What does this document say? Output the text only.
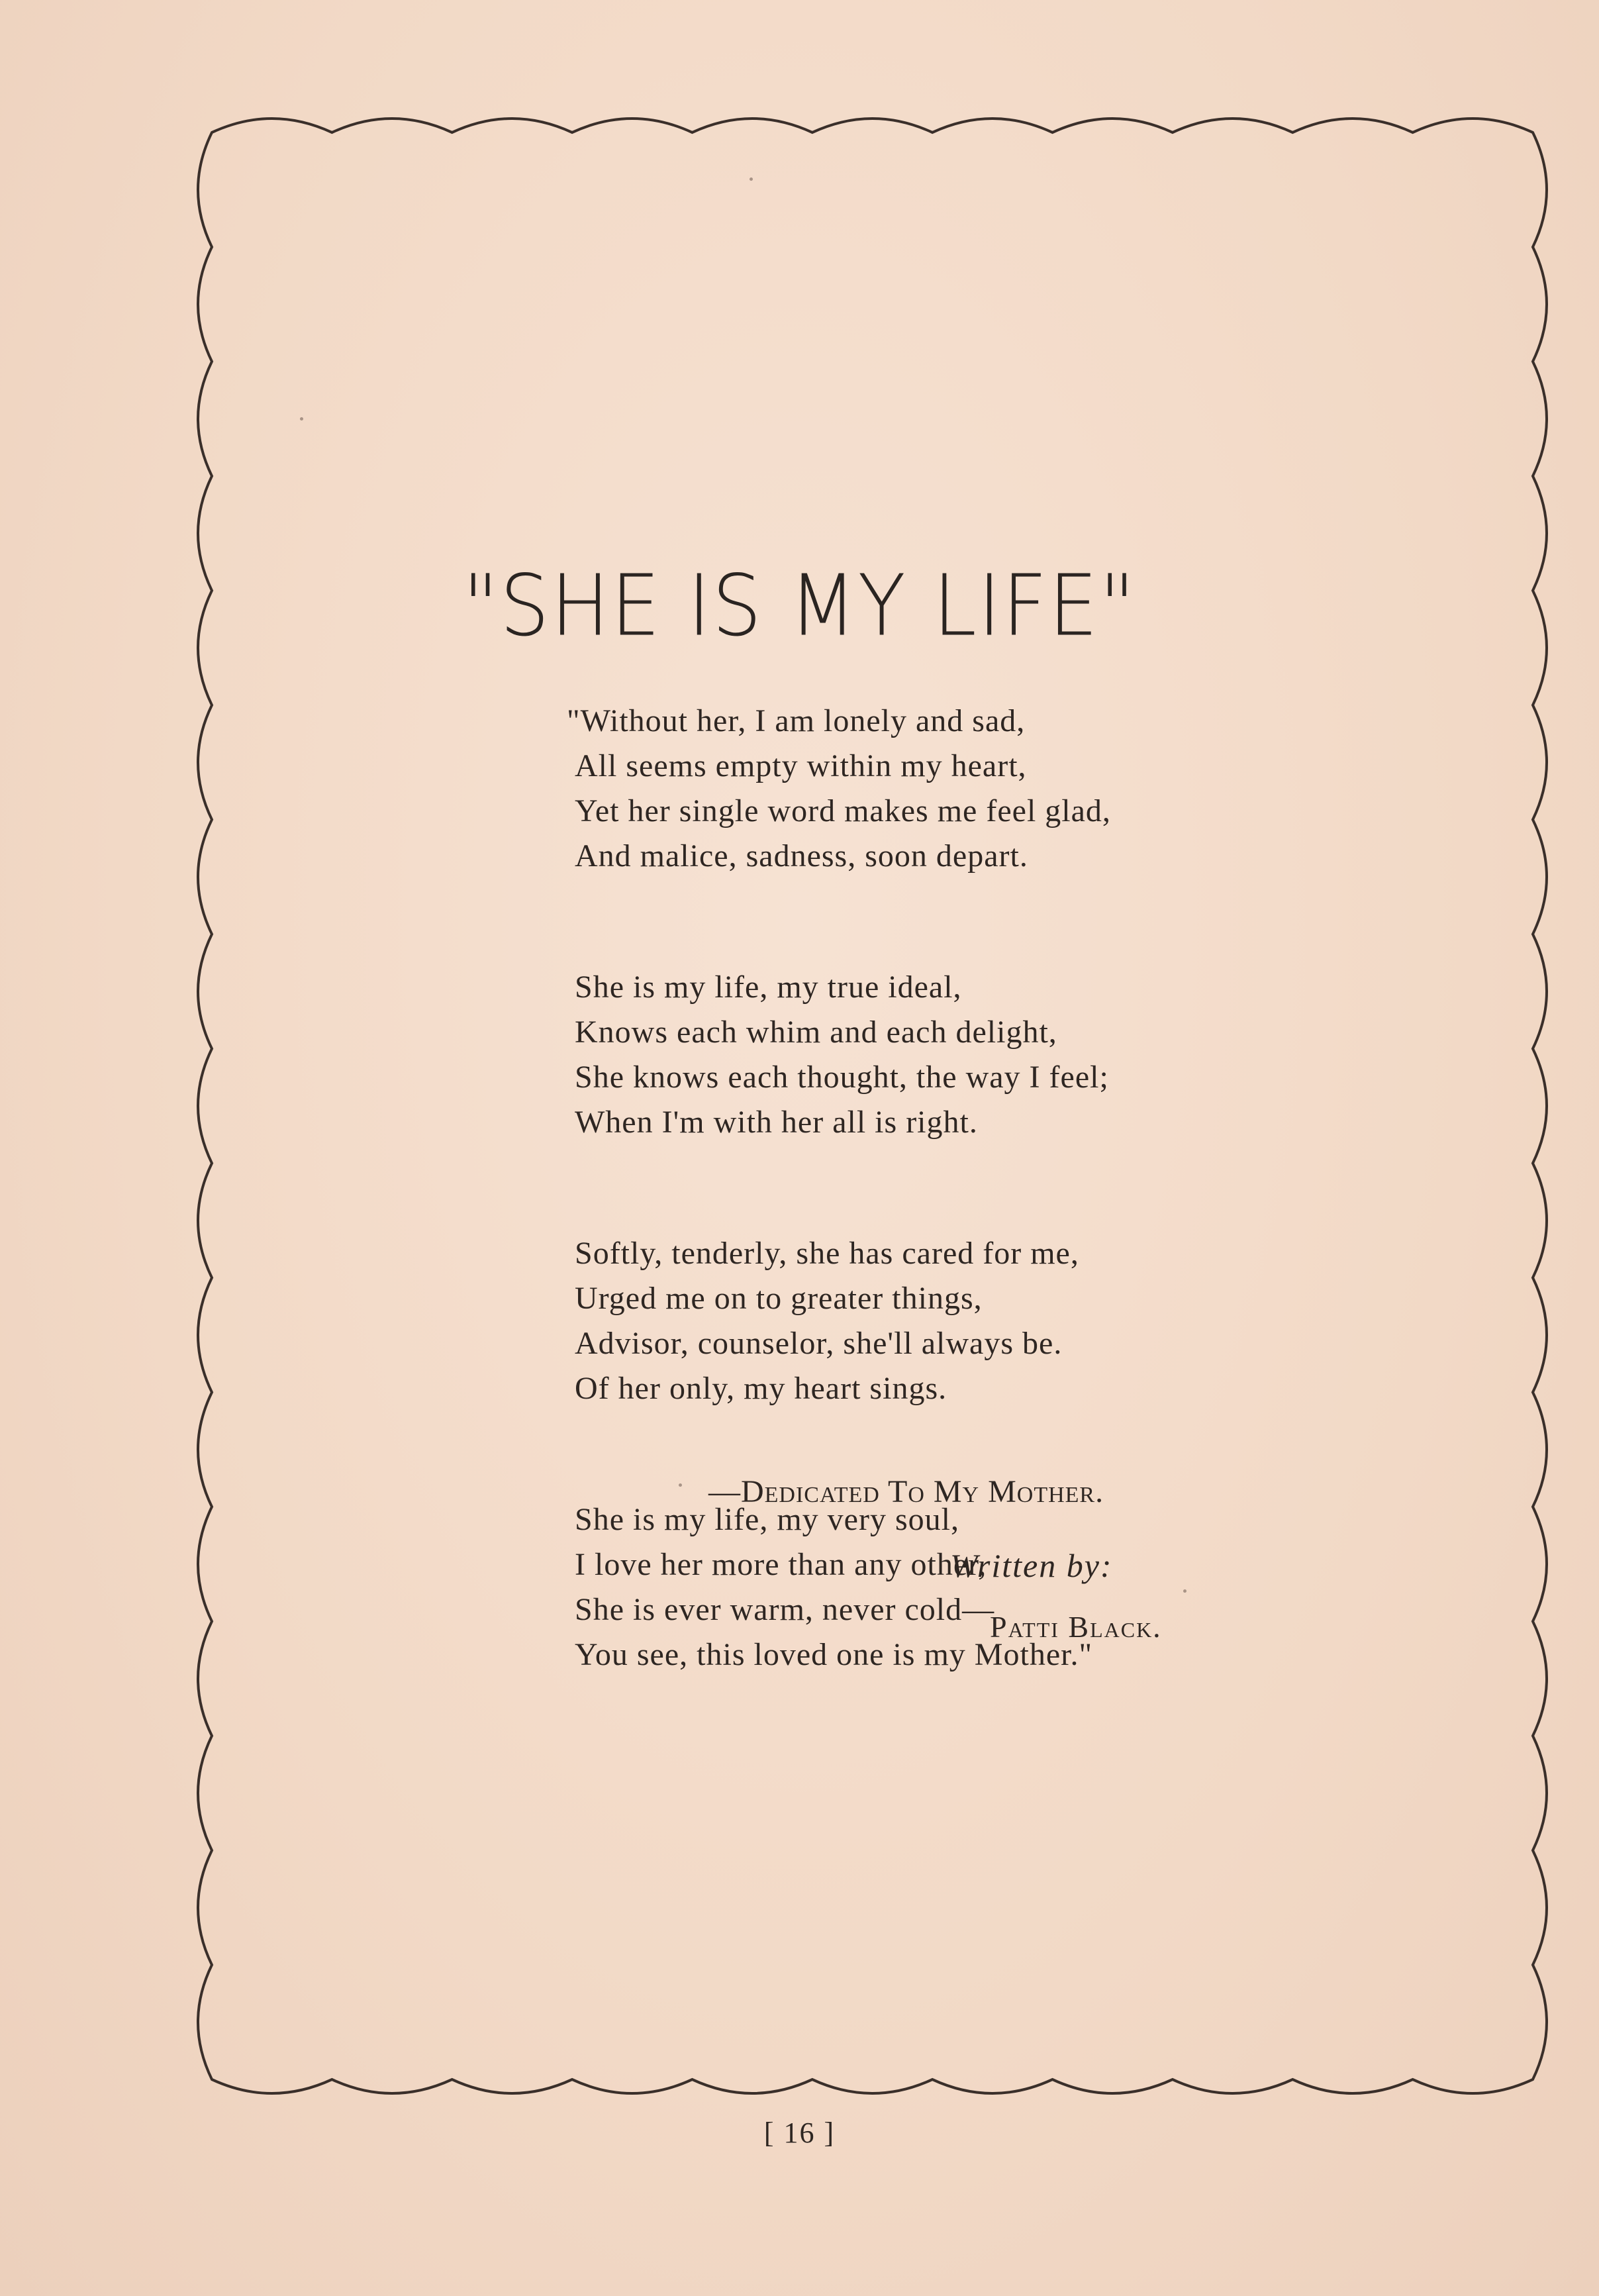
"SHE IS MY LIFE"
"Without her, I am lonely and sad,
All seems empty within my heart,
Yet her single word makes me feel glad,
And malice, sadness, soon depart.
She is my life, my true ideal,
Knows each whim and each delight,
She knows each thought, the way I feel;
When I'm with her all is right.
Softly, tenderly, she has cared for me,
Urged me on to greater things,
Advisor, counselor, she'll always be.
Of her only, my heart sings.
She is my life, my very soul,
I love her more than any other,
She is ever warm, never cold—
You see, this loved one is my Mother."
—Dedicated To My Mother.
Written by:
Patti Black.
[ 16 ]
